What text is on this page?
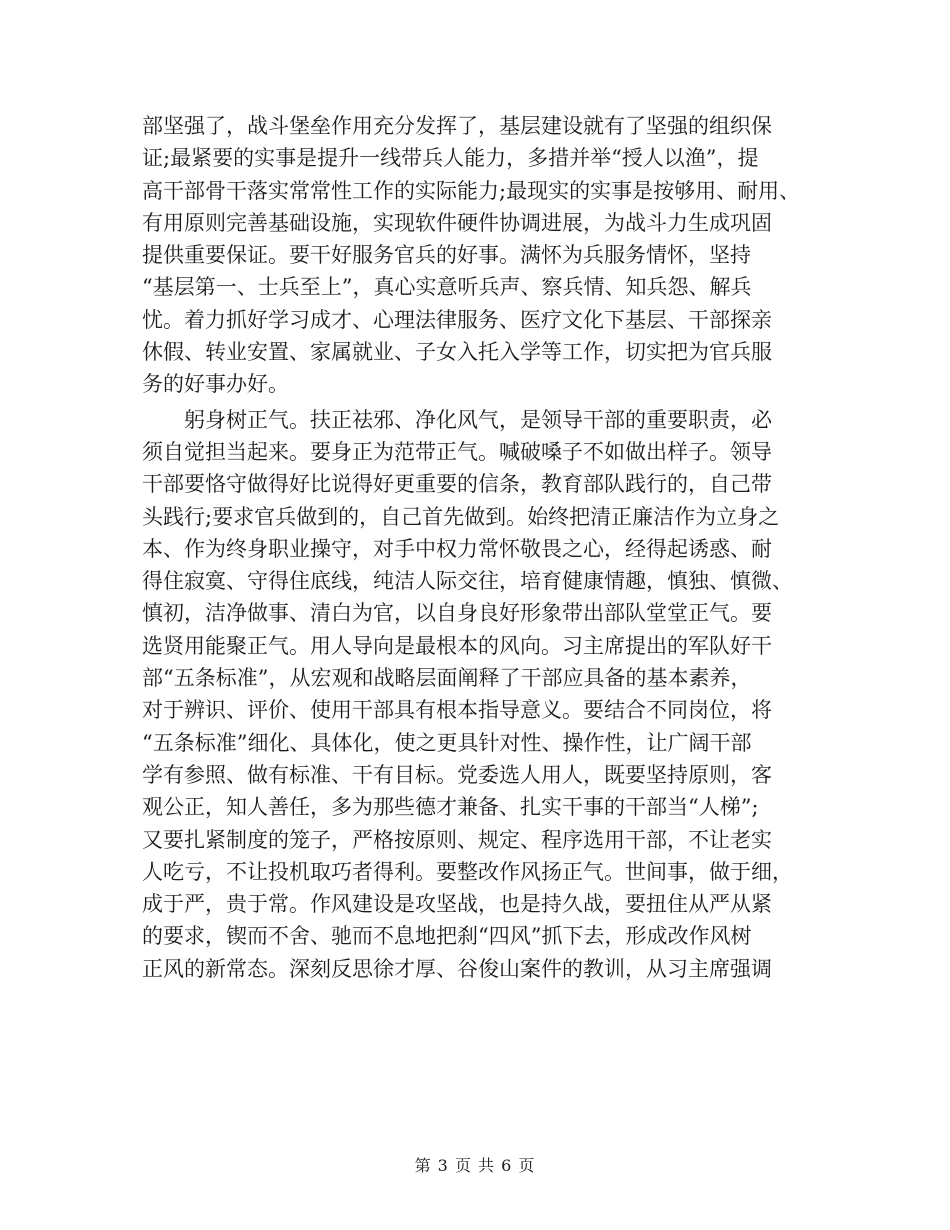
部坚强了，战斗堡垒作用充分发挥了，基层建设就有了坚强的组织保
证;最紧要的实事是提升一线带兵人能力，多措并举“授人以渔”，提
高干部骨干落实常常性工作的实际能力;最现实的实事是按够用、耐用、
有用原则完善基础设施，实现软件硬件协调进展，为战斗力生成巩固
提供重要保证。要干好服务官兵的好事。满怀为兵服务情怀，坚持
“基层第一、士兵至上”，真心实意听兵声、察兵情、知兵怨、解兵
忧。着力抓好学习成才、心理法律服务、医疗文化下基层、干部探亲
休假、转业安置、家属就业、子女入托入学等工作，切实把为官兵服
务的好事办好。
躬身树正气。扶正祛邪、净化风气，是领导干部的重要职责，必
须自觉担当起来。要身正为范带正气。喊破嗓子不如做出样子。领导
干部要恪守做得好比说得好更重要的信条，教育部队践行的，自己带
头践行;要求官兵做到的，自己首先做到。始终把清正廉洁作为立身之
本、作为终身职业操守，对手中权力常怀敬畏之心，经得起诱惑、耐
得住寂寞、守得住底线，纯洁人际交往，培育健康情趣，慎独、慎微、
慎初，洁净做事、清白为官，以自身良好形象带出部队堂堂正气。要
选贤用能聚正气。用人导向是最根本的风向。习主席提出的军队好干
部“五条标准”，从宏观和战略层面阐释了干部应具备的基本素养，
对于辨识、评价、使用干部具有根本指导意义。要结合不同岗位，将
“五条标准”细化、具体化，使之更具针对性、操作性，让广阔干部
学有参照、做有标准、干有目标。党委选人用人，既要坚持原则，客
观公正，知人善任，多为那些德才兼备、扎实干事的干部当“人梯”;
又要扎紧制度的笼子，严格按原则、规定、程序选用干部，不让老实
人吃亏，不让投机取巧者得利。要整改作风扬正气。世间事，做于细，
成于严，贵于常。作风建设是攻坚战，也是持久战，要扭住从严从紧
的要求，锲而不舍、驰而不息地把刹“四风”抓下去，形成改作风树
正风的新常态。深刻反思徐才厚、谷俊山案件的教训，从习主席强调
第 3 页 共 6 页
